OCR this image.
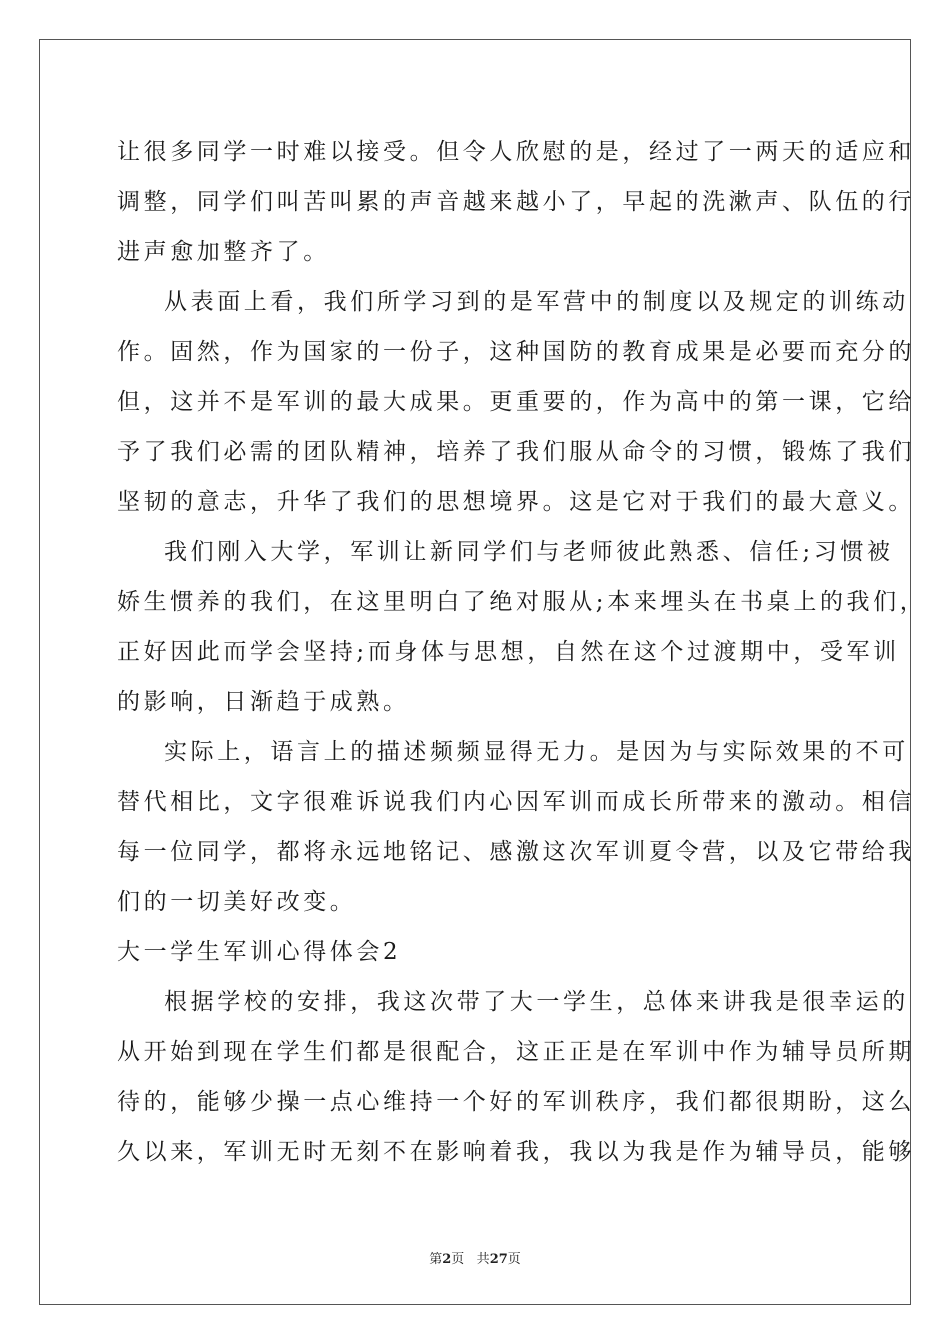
让很多同学一时难以接受。但令人欣慰的是，经过了一两天的适应和
调整，同学们叫苦叫累的声音越来越小了，早起的洗漱声、队伍的行
进声愈加整齐了。
从表面上看，我们所学习到的是军营中的制度以及规定的训练动
作。固然，作为国家的一份子，这种国防的教育成果是必要而充分的
但，这并不是军训的最大成果。更重要的，作为高中的第一课，它给
予了我们必需的团队精神，培养了我们服从命令的习惯，锻炼了我们
坚韧的意志，升华了我们的思想境界。这是它对于我们的最大意义。
我们刚入大学，军训让新同学们与老师彼此熟悉、信任;习惯被
娇生惯养的我们，在这里明白了绝对服从;本来埋头在书桌上的我们，
正好因此而学会坚持;而身体与思想，自然在这个过渡期中，受军训
的影响，日渐趋于成熟。
实际上，语言上的描述频频显得无力。是因为与实际效果的不可
替代相比，文字很难诉说我们内心因军训而成长所带来的激动。相信
每一位同学，都将永远地铭记、感激这次军训夏令营，以及它带给我
们的一切美好改变。
大一学生军训心得体会2
根据学校的安排，我这次带了大一学生，总体来讲我是很幸运的
从开始到现在学生们都是很配合，这正正是在军训中作为辅导员所期
待的，能够少操一点心维持一个好的军训秩序，我们都很期盼，这么
久以来，军训无时无刻不在影响着我，我以为我是作为辅导员，能够
第2页 共27页
